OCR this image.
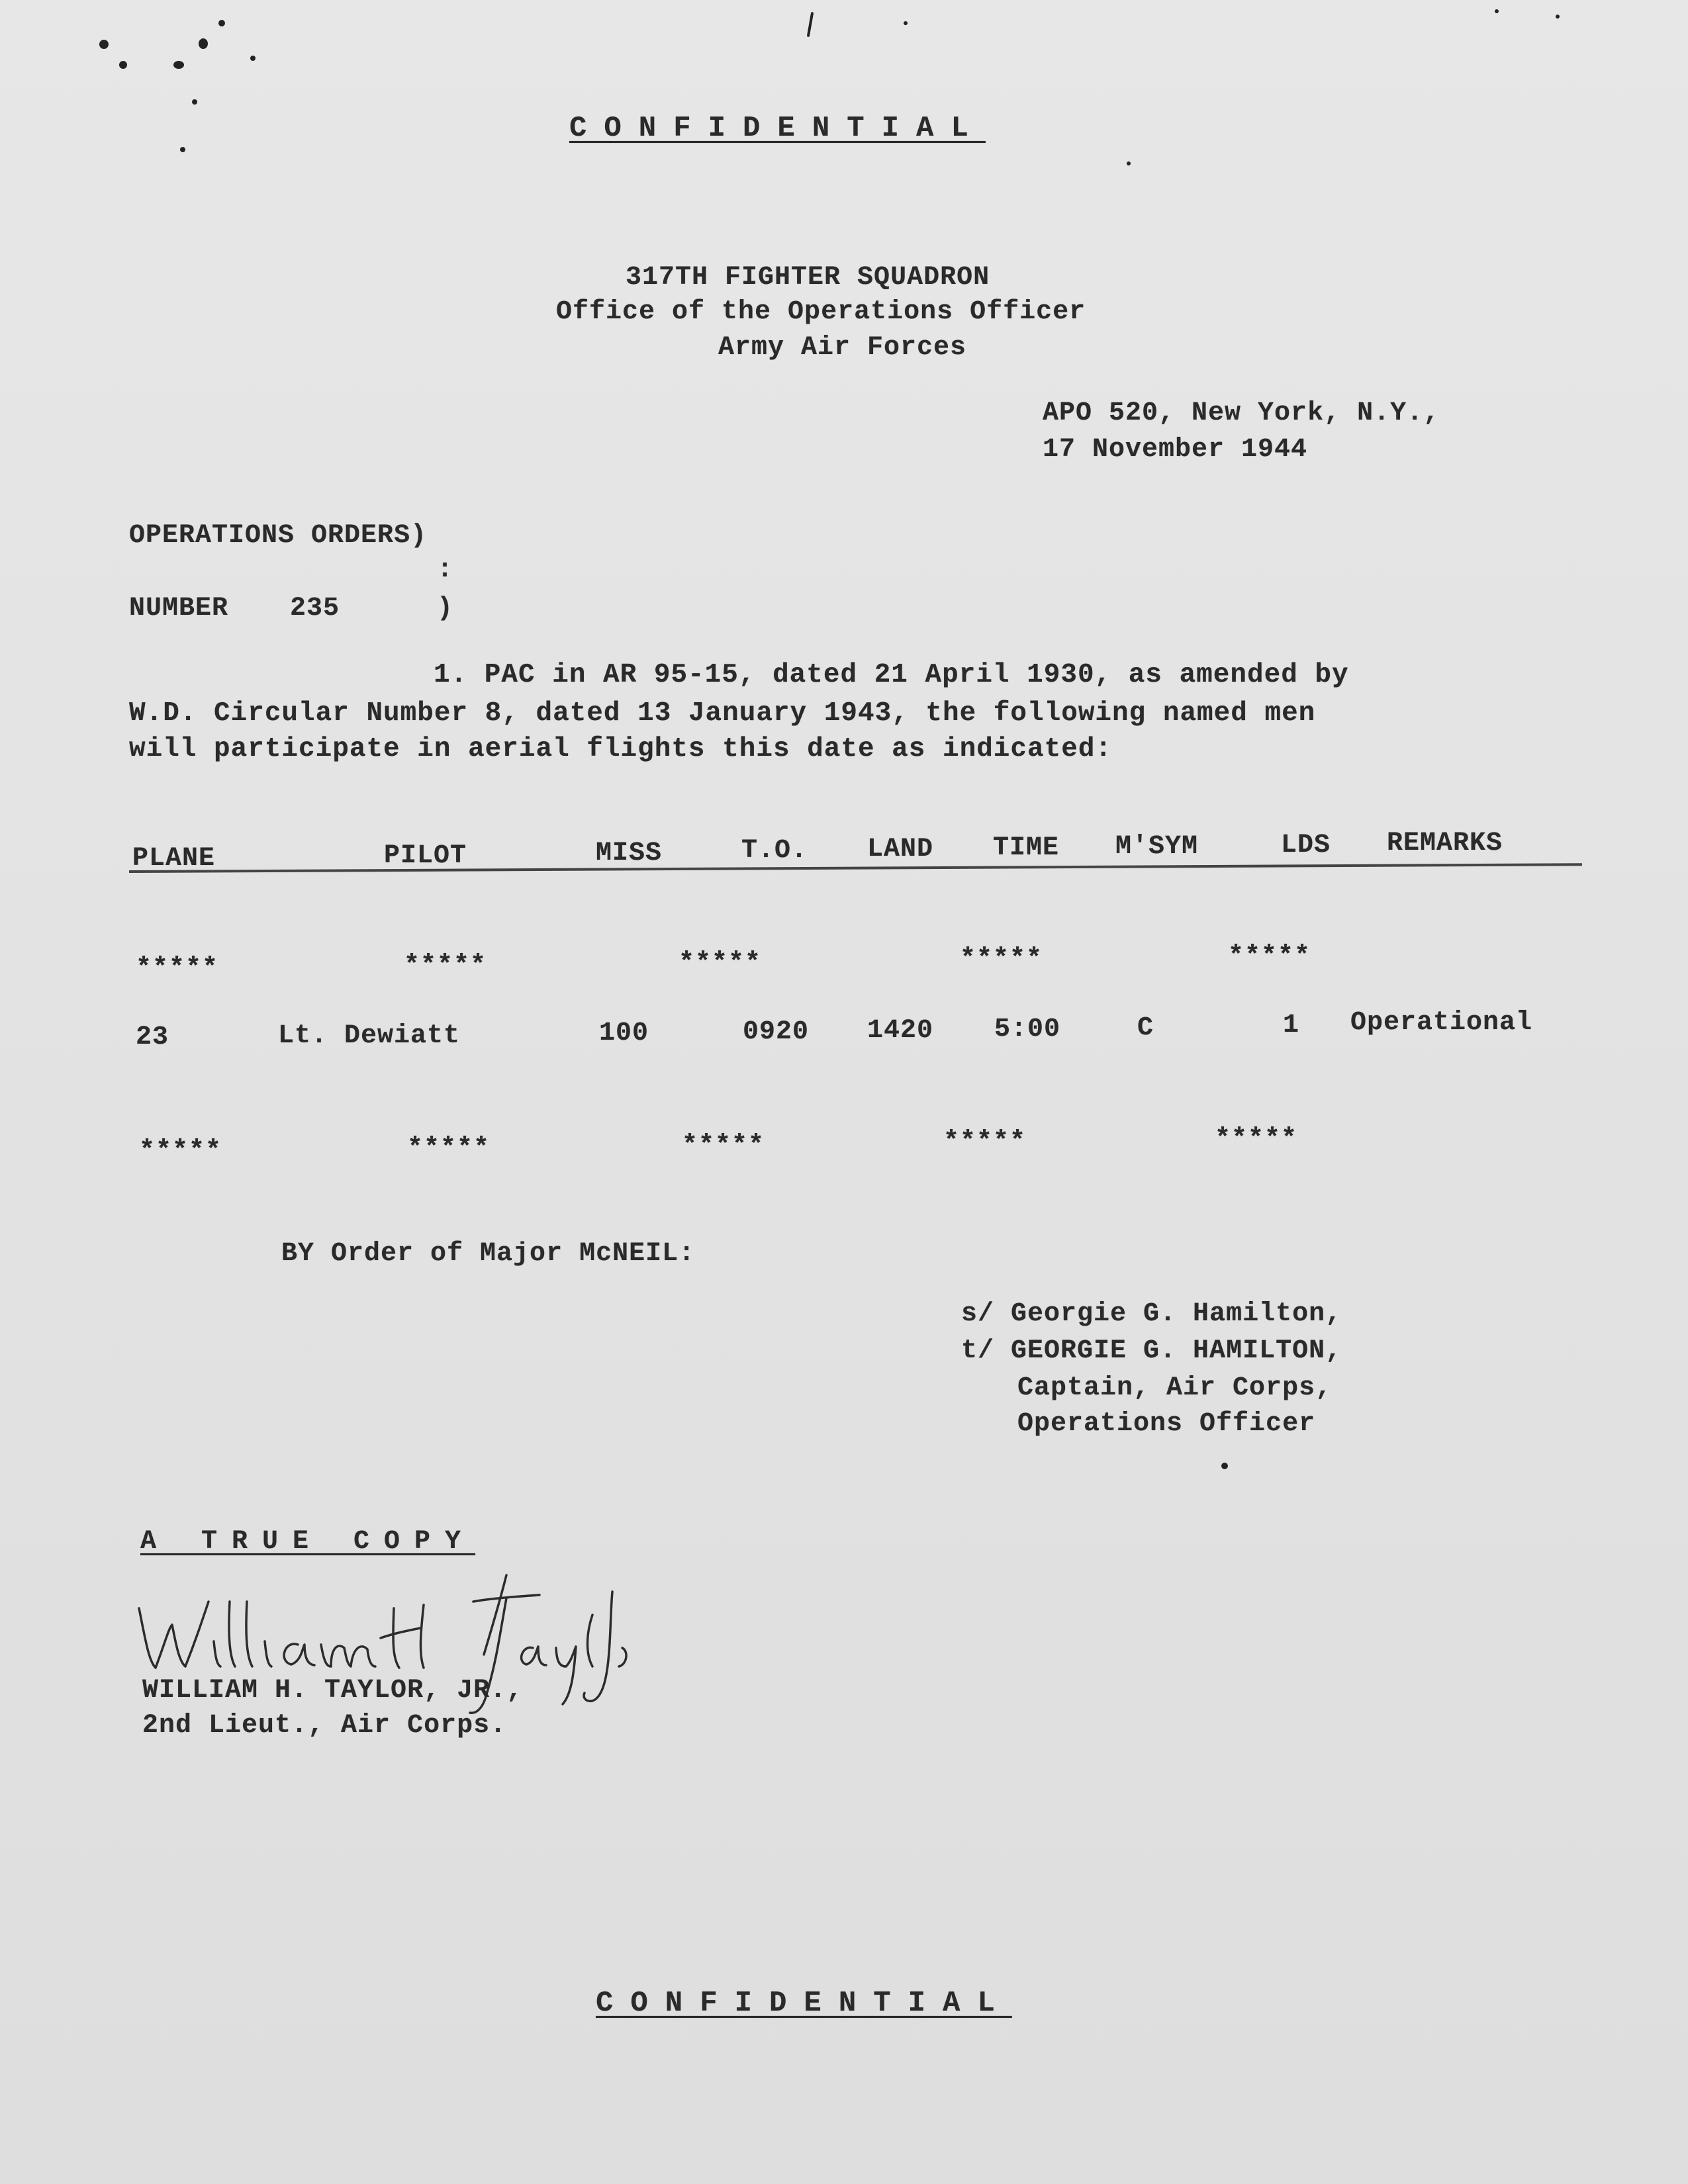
CONFIDENTIAL
317TH FIGHTER SQUADRON
Office of the Operations Officer
Army Air Forces
APO 520, New York, N.Y.,
17 November 1944
OPERATIONS ORDERS)
:
NUMBER 235	)
1. PAC in AR 95-15, dated 21 April 1930, as amended by
W.D. Circular Number 8, dated 13 January 1943, the following named men
will participate in aerial flights this date as indicated:
PLANE	PILOT	MISS	T.O. LAND TIME M'SYM	LDS REMARKS
*****	*****	*****	*****	*****
23	Lt. Dewiatt	100	0920 1420 5:00	C	1 Operational
*****	*****	*****	*****	*****
BY Order of Major McNEIL:
s/ Georgie G. Hamilton,
t/ GEORGIE G. HAMILTON,
Captain, Air Corps,
Operations Officer
A TRUE COPY
WILLIAM H. TAYLOR, JR.,
2nd Lieut., Air Corps.
CONFIDENTIAL
